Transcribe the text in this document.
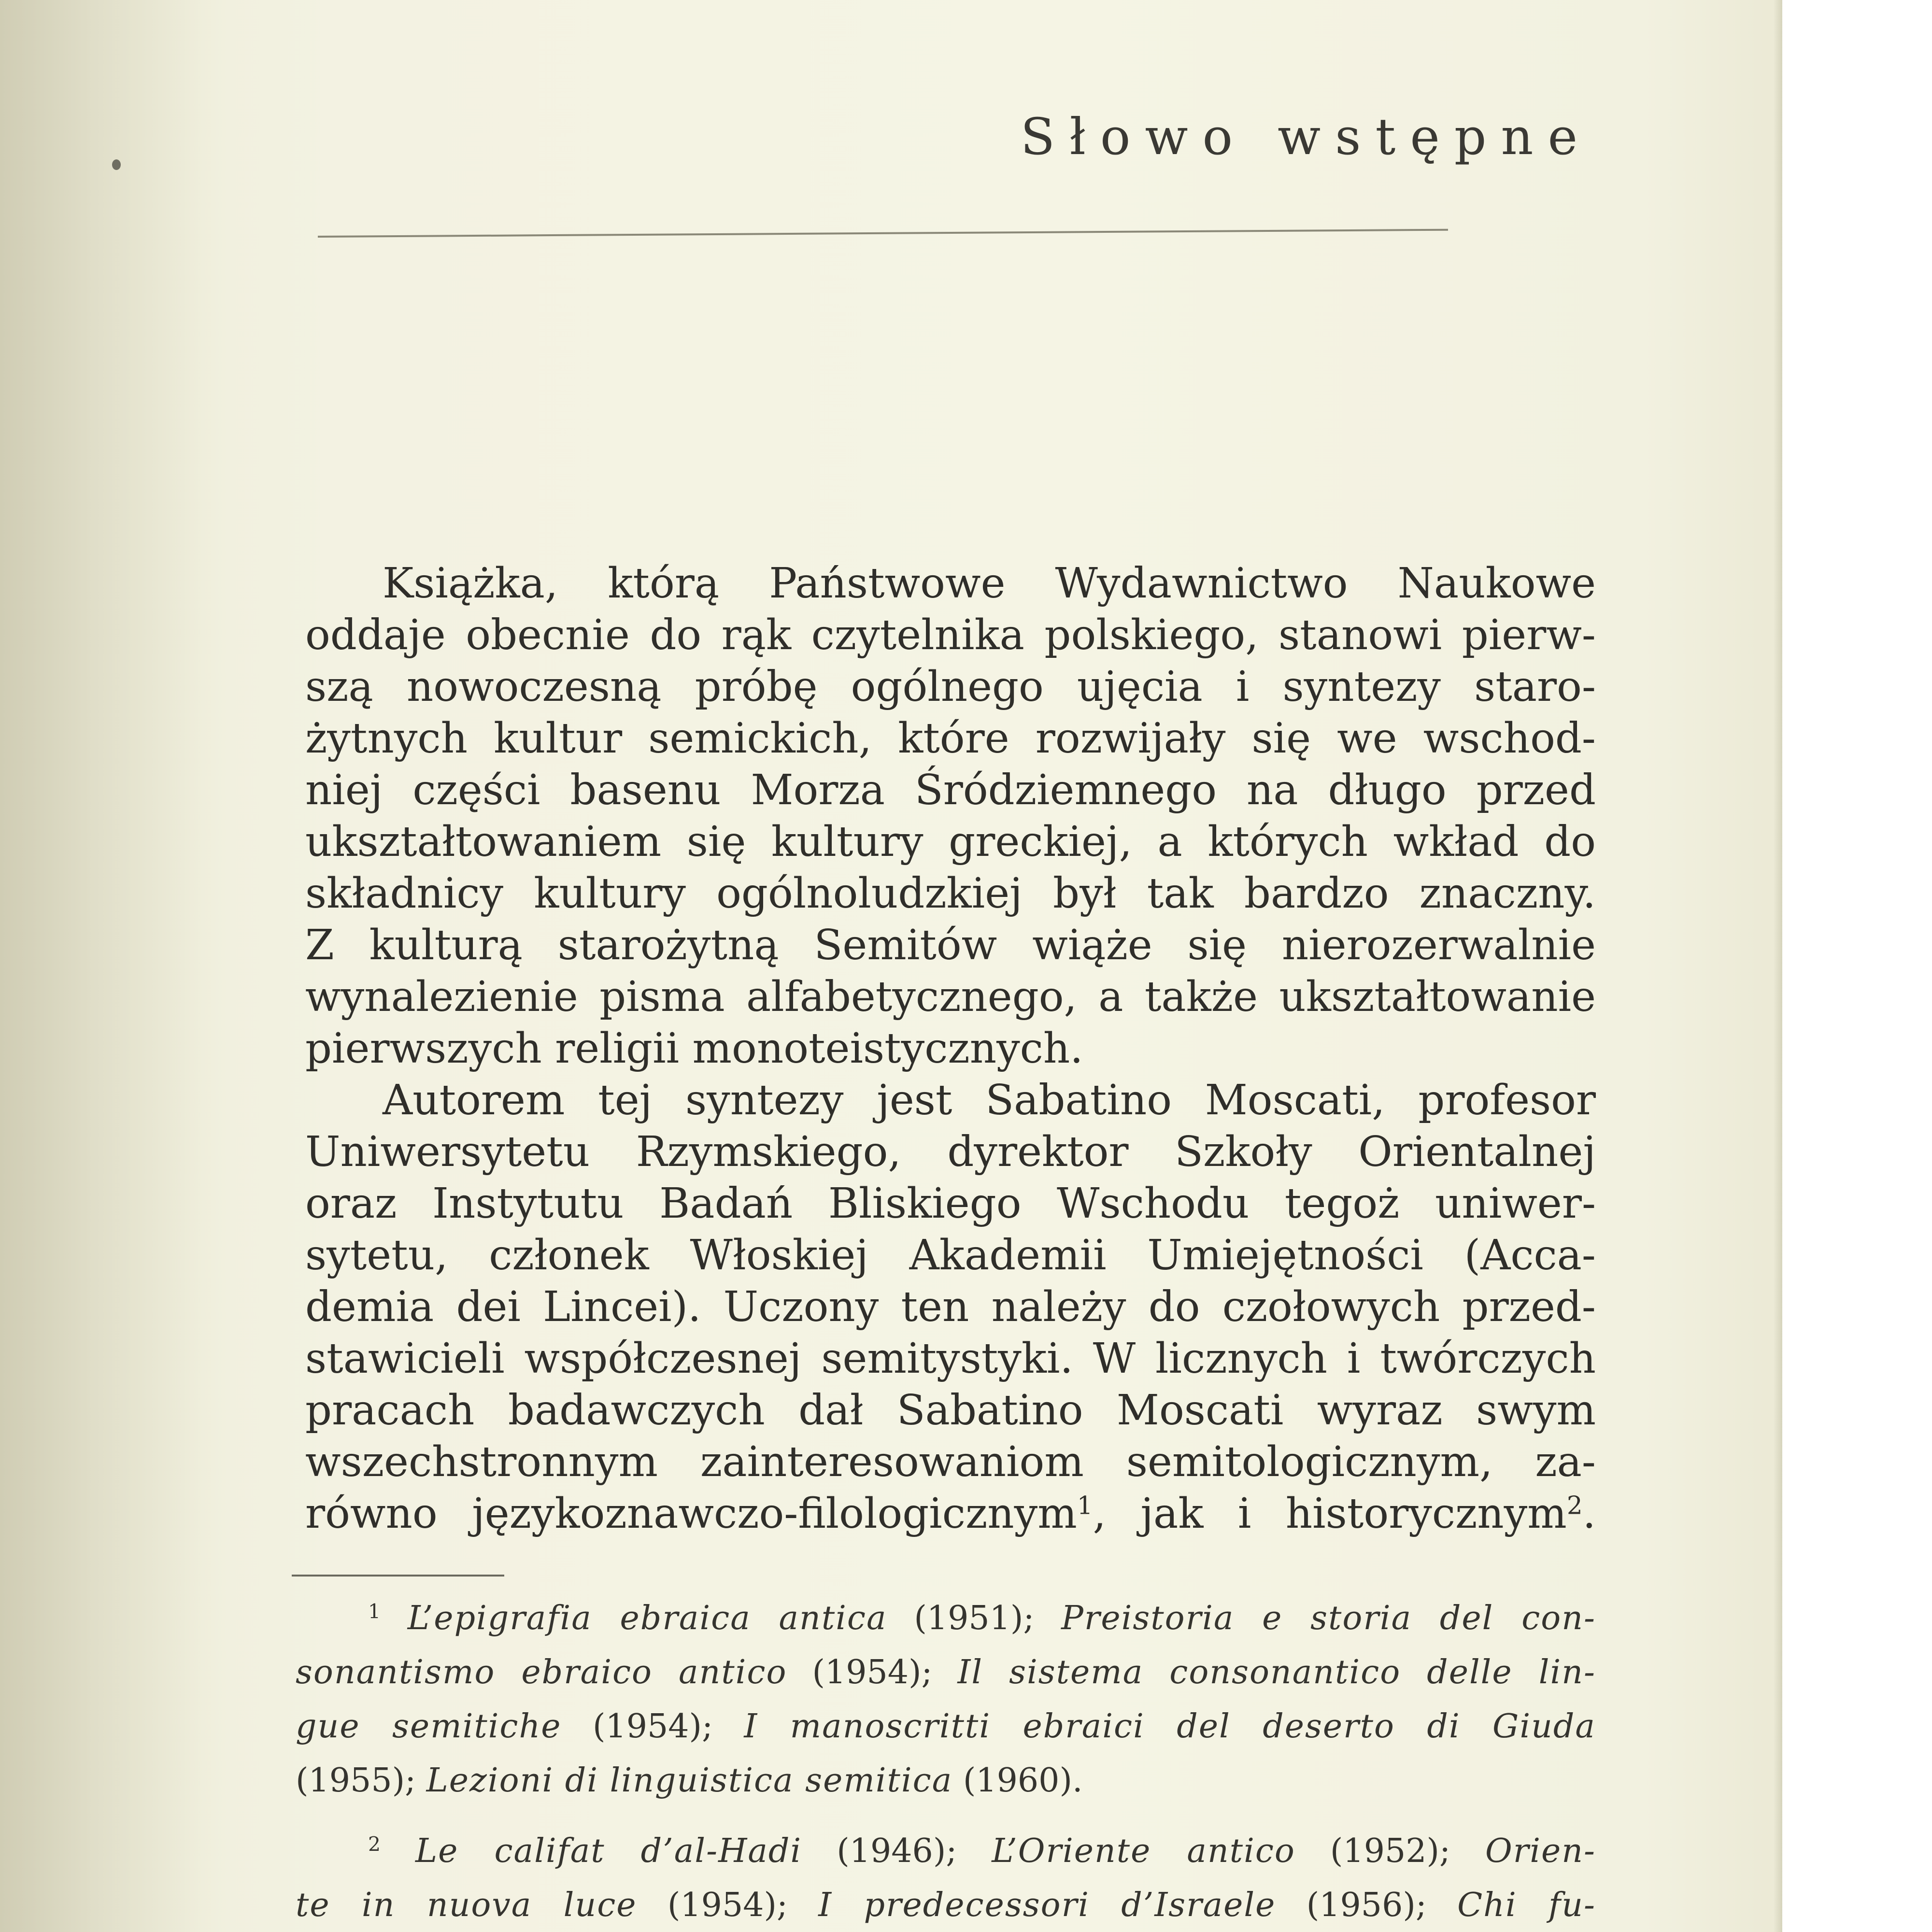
Słowo wstępne
Książka, którą Państwowe Wydawnictwo Naukowe
oddaje obecnie do rąk czytelnika polskiego, stanowi pierw-
szą nowoczesną próbę ogólnego ujęcia i syntezy staro-
żytnych kultur semickich, które rozwijały się we wschod-
niej części basenu Morza Śródziemnego na długo przed
ukształtowaniem się kultury greckiej, a których wkład do
składnicy kultury ogólnoludzkiej był tak bardzo znaczny.
Z kulturą starożytną Semitów wiąże się nierozerwalnie
wynalezienie pisma alfabetycznego, a także ukształtowanie
pierwszych religii monoteistycznych.
Autorem tej syntezy jest Sabatino Moscati, profesor
Uniwersytetu Rzymskiego, dyrektor Szkoły Orientalnej
oraz Instytutu Badań Bliskiego Wschodu tegoż uniwer-
sytetu, członek Włoskiej Akademii Umiejętności (Acca-
demia dei Lincei). Uczony ten należy do czołowych przed-
stawicieli współczesnej semitystyki. W licznych i twórczych
pracach badawczych dał Sabatino Moscati wyraz swym
wszechstronnym zainteresowaniom semitologicznym, za-
równo językoznawczo-filologicznym$^1$, jak i historycznym$^2$.
$^1$ L’epigrafia ebraica antica (1951); Preistoria e storia del con-
sonantismo ebraico antico (1954); Il sistema consonantico delle lin-
gue semitiche (1954); I manoscritti ebraici del deserto di Giuda
(1955); Lezioni di linguistica semitica (1960).
$^2$ Le califat d’al-Hadi (1946); L’Oriente antico (1952); Orien-
te in nuova luce (1954); I predecessori d’Israele (1956); Chi fu-
